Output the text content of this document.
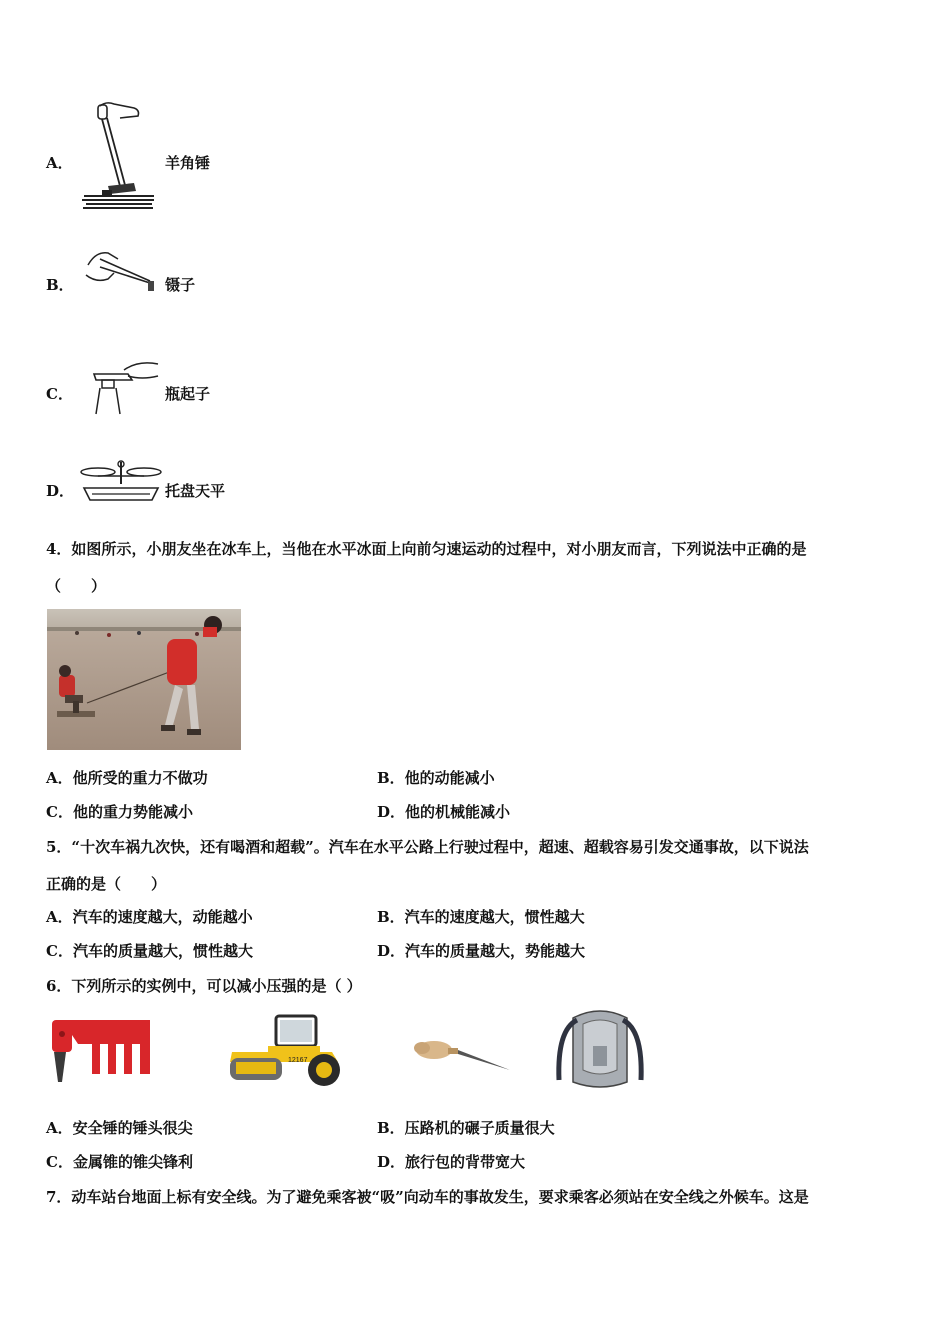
A．	羊角锤
B．	镊子
C．	瓶起子
D．	托盘天平
4．如图所示，小朋友坐在冰车上，当他在水平冰面上向前匀速运动的过程中，对小朋友而言，下列说法中正确的是
（　　）
A．他所受的重力不做功	B．他的动能减小
C．他的重力势能减小	D．他的机械能减小
5．“十次车祸九次快，还有喝酒和超载”。汽车在水平公路上行驶过程中，超速、超载容易引发交通事故，以下说法
正确的是（　　）
A．汽车的速度越大，动能越小	B．汽车的速度越大，惯性越大
C．汽车的质量越大，惯性越大	D．汽车的质量越大，势能越大
6．下列所示的实例中，可以减小压强的是（ ）
12167
A．安全锤的锤头很尖	B．压路机的碾子质量很大
C．金属锥的锥尖锋利	D．旅行包的背带宽大
7．动车站台地面上标有安全线。为了避免乘客被“吸”向动车的事故发生，要求乘客必须站在安全线之外候车。这是
